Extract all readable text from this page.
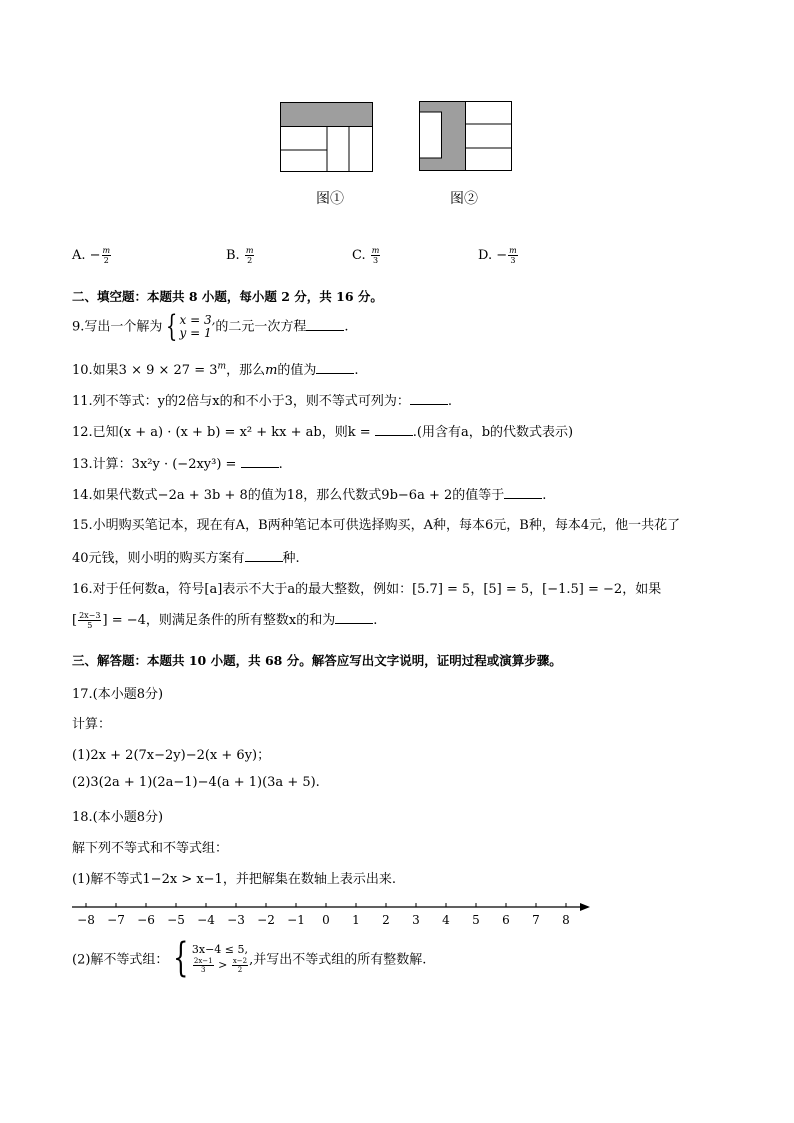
图①	图②
A. − $\frac{m}{2}$	B. $\frac{m}{2}$	C. $\frac{m}{3}$	D. − $\frac{m}{3}$
二、填空题：本题共 8 小题，每小题 2 分，共 16 分。
9.写出一个解为 { x = 3,
y = 1 的二元一次方程	.
10.如果$3 \times 9 \times 27 = 3^m$，那么m的值为	.
11.列不等式：y的2倍与x的和不小于3，则不等式可列为：	.
12.已知(x + a) · (x + b) = x² + kx + ab，则k =	.(用含有a，b的代数式表示)
13.计算：3x²y · (−2xy³) =	.
14.如果代数式−2a + 3b + 8的值为18，那么代数式9b−6a + 2的值等于	.
15.小明购买笔记本，现在有A，B两种笔记本可供选择购买，A种，每本6元，B种，每本4元，他一共花了
40元钱，则小明的购买方案有	种.
16.对于任何数a，符号[a]表示不大于a的最大整数，例如：[5.7] = 5，[5] = 5，[−1.5] = −2，如果
[ $\frac{2x-3}{5}$ ] = −4，则满足条件的所有整数x的和为	.
三、解答题：本题共 10 小题，共 68 分。解答应写出文字说明，证明过程或演算步骤。
17.(本小题8分)
计算：
(1)2x + 2(7x−2y)−2(x + 6y)；
(2)3(2a + 1)(2a−1)−4(a + 1)(3a + 5).
18.(本小题8分)
解下列不等式和不等式组：
(1)解不等式1−2x > x−1，并把解集在数轴上表示出来.
−8 −7 −6 −5 −4 −3 −2 −1 0 1 2 3 4 5 6 7 8
(2)解不等式组： { 3x−4 ≤ 5,
$\frac{2x-1}{3} > \frac{x-2}{2}$ ,并写出不等式组的所有整数解.
